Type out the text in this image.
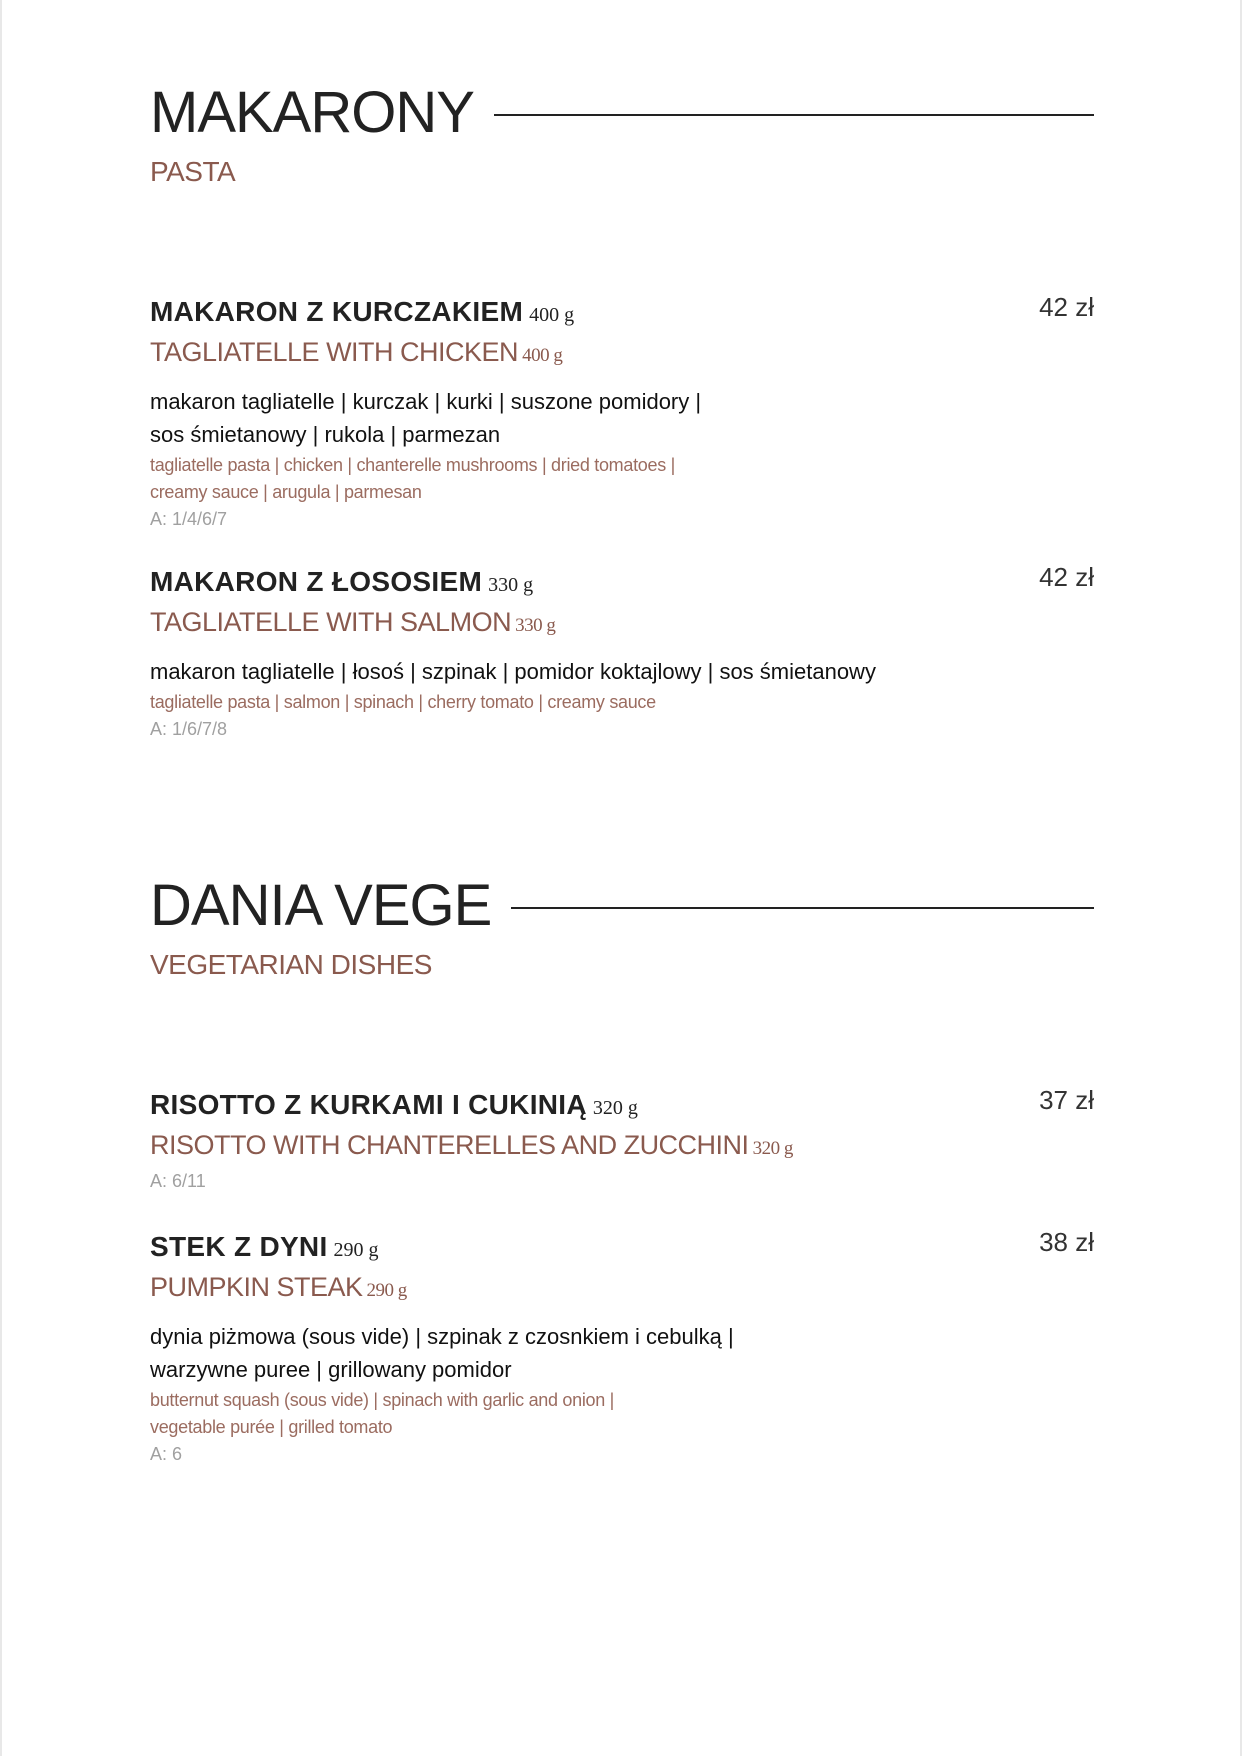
MAKARONY
PASTA
42 zł
MAKARON Z KURCZAKIEM 400 g
TAGLIATELLE WITH CHICKEN 400 g
makaron tagliatelle | kurczak | kurki | suszone pomidory |
sos śmietanowy | rukola | parmezan
tagliatelle pasta | chicken | chanterelle mushrooms | dried tomatoes |
creamy sauce | arugula | parmesan
A: 1/4/6/7
42 zł
MAKARON Z ŁOSOSIEM 330 g
TAGLIATELLE WITH SALMON 330 g
makaron tagliatelle | łosoś | szpinak | pomidor koktajlowy | sos śmietanowy
tagliatelle pasta | salmon | spinach | cherry tomato | creamy sauce
A: 1/6/7/8
DANIA VEGE
VEGETARIAN DISHES
37 zł
RISOTTO Z KURKAMI I CUKINIĄ 320 g
RISOTTO WITH CHANTERELLES AND ZUCCHINI 320 g
A: 6/11
38 zł
STEK Z DYNI 290 g
PUMPKIN STEAK 290 g
dynia piżmowa (sous vide) | szpinak z czosnkiem i cebulką |
warzywne puree | grillowany pomidor
butternut squash (sous vide) | spinach with garlic and onion |
vegetable purée | grilled tomato
A: 6
